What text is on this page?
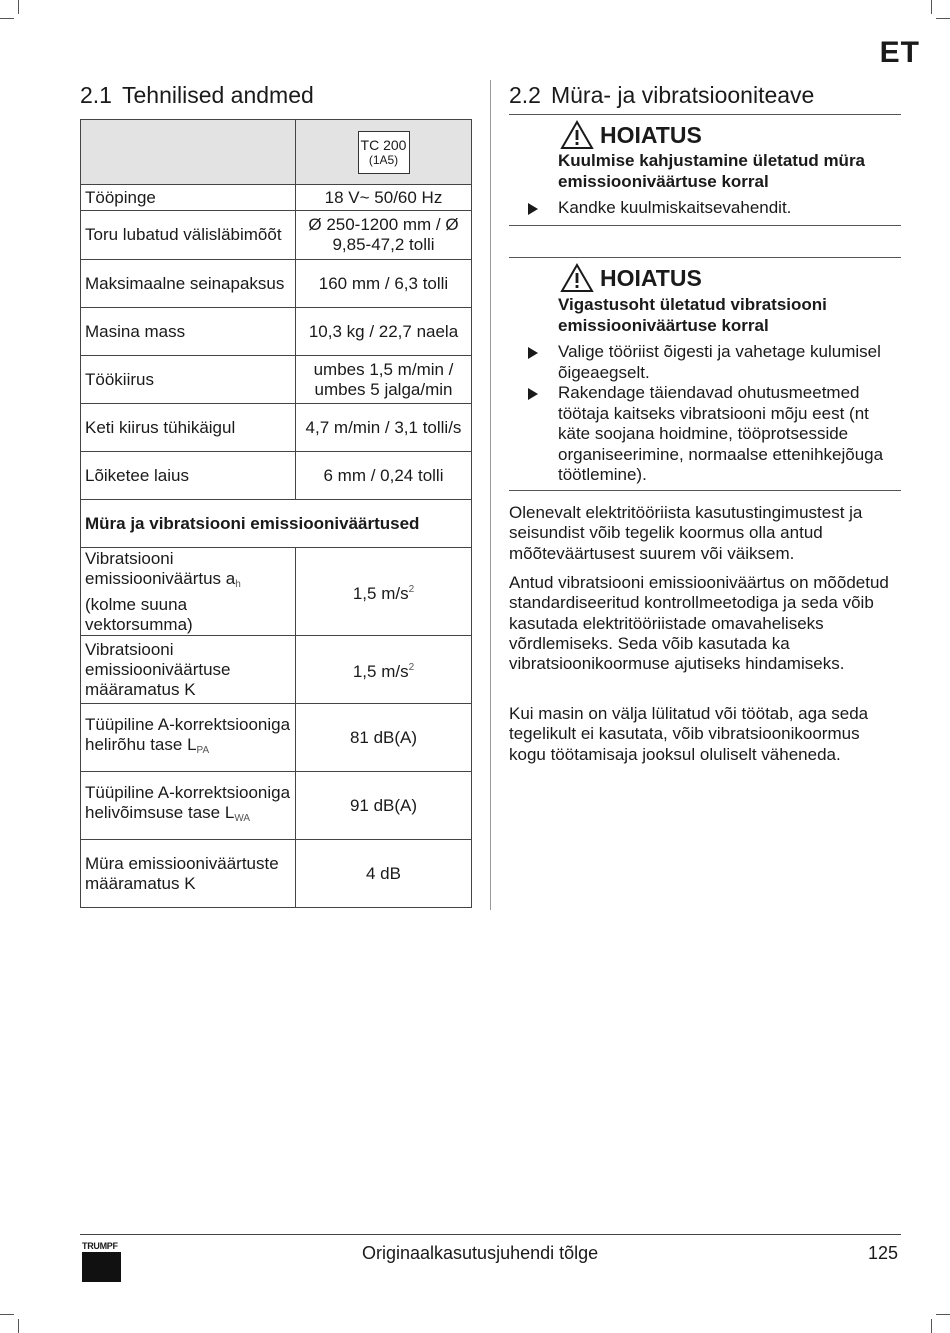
ET
2.1 Tehnilised andmed

	TC 200
(1A5)

Tööpinge	18 V~ 50/60 Hz
Toru lubatud välisläbimõõt	Ø 250-1200 mm / Ø 9,85-47,2 tolli
Maksimaalne seinapaksus	160 mm / 6,3 tolli
Masina mass	10,3 kg / 22,7 naela
Töökiirus	umbes 1,5 m/min / umbes 5 jalga/min
Keti kiirus tühikäigul	4,7 m/min / 3,1 tolli/s
Lõiketee laius	6 mm / 0,24 tolli
Müra ja vibratsiooni emissiooniväärtused	
Vibratsiooni emissiooniväärtus $a_h$
(kolme suuna vektorsumma)	1,5 $m/s^2$
Vibratsiooni emissiooniväärtuse määramatus K	1,5 $m/s^2$
Tüüpiline A-korrektsiooniga helirõhu tase $L_{PA}$	81 dB(A)
Tüüpiline A-korrektsiooniga helivõimsuse tase $L_{WA}$	91 dB(A)
Müra emissiooniväärtuste määramatus K	4 dB
2.2 Müra- ja vibratsiooniteave
HOIATUS

Kuulmise kahjustamine ületatud müra emissiooniväärtuse korral

Kandke kuulmiskaitsevahendit.
HOIATUS

Vigastusoht ületatud vibratsiooni emissiooniväärtuse korral

Valige tööriist õigesti ja vahetage kulumisel õigeaegselt.
Rakendage täiendavad ohutusmeetmed töötaja kaitseks vibratsiooni mõju eest (nt käte soojana hoidmine, tööprotsesside organiseerimine, normaalse ettenihkejõuga töötlemine).

Olenevalt elektritööriista kasutustingimustest ja seisundist võib tegelik koormus olla antud mõõteväärtusest suurem või väiksem.

Antud vibratsiooni emissiooniväärtus on mõõdetud standardiseeritud kontrollmeetodiga ja seda võib kasutada elektritööriistade omavaheliseks võrdlemiseks. Seda võib kasutada ka vibratsioonikoormuse ajutiseks hindamiseks.

Kui masin on välja lülitatud või töötab, aga seda tegelikult ei kasutata, võib vibratsioonikoormus kogu töötamisaja jooksul oluliselt väheneda.

TRUMPF	Originaalkasutusjuhendi tõlge	125
